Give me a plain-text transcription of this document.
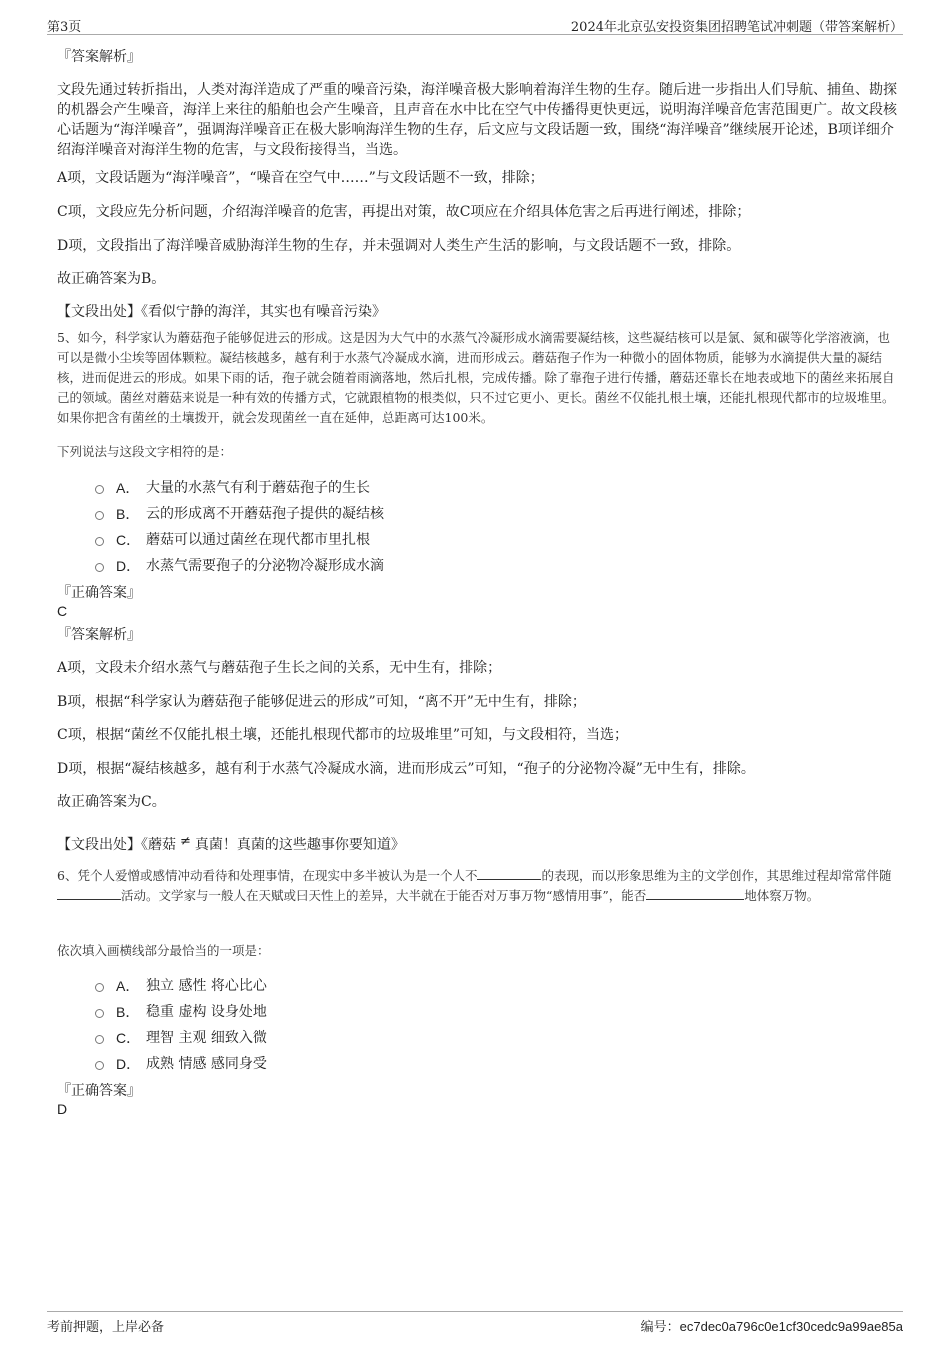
第3页	2024年北京弘安投资集团招聘笔试冲刺题（带答案解析）
『答案解析』
文段先通过转折指出，人类对海洋造成了严重的噪音污染，海洋噪音极大影响着海洋生物的生存。随后进一步指出人们导航、捕鱼、勘探的机器会产生噪音，海洋上来往的船舶也会产生噪音，且声音在水中比在空气中传播得更快更远，说明海洋噪音危害范围更广。故文段核心话题为“海洋噪音”，强调海洋噪音正在极大影响海洋生物的生存，后文应与文段话题一致，围绕“海洋噪音”继续展开论述，B项详细介绍海洋噪音对海洋生物的危害，与文段衔接得当，当选。
A项，文段话题为“海洋噪音”，“噪音在空气中……”与文段话题不一致，排除；
C项，文段应先分析问题，介绍海洋噪音的危害，再提出对策，故C项应在介绍具体危害之后再进行阐述，排除；
D项，文段指出了海洋噪音威胁海洋生物的生存，并未强调对人类生产生活的影响，与文段话题不一致，排除。
故正确答案为B。
【文段出处】《看似宁静的海洋，其实也有噪音污染》
5、如今，科学家认为蘑菇孢子能够促进云的形成。这是因为大气中的水蒸气冷凝形成水滴需要凝结核，这些凝结核可以是氯、氮和碳等化学溶液滴，也可以是微小尘埃等固体颗粒。凝结核越多，越有利于水蒸气冷凝成水滴，进而形成云。蘑菇孢子作为一种微小的固体物质，能够为水滴提供大量的凝结核，进而促进云的形成。如果下雨的话，孢子就会随着雨滴落地，然后扎根，完成传播。除了靠孢子进行传播，蘑菇还靠长在地表或地下的菌丝来拓展自己的领域。菌丝对蘑菇来说是一种有效的传播方式，它就跟植物的根类似，只不过它更小、更长。菌丝不仅能扎根土壤，还能扎根现代都市的垃圾堆里。如果你把含有菌丝的土壤拨开，就会发现菌丝一直在延伸，总距离可达100米。
下列说法与这段文字相符的是：
A． 大量的水蒸气有利于蘑菇孢子的生长
B． 云的形成离不开蘑菇孢子提供的凝结核
C． 蘑菇可以通过菌丝在现代都市里扎根
D． 水蒸气需要孢子的分泌物冷凝形成水滴
『正确答案』
C
『答案解析』
A项，文段未介绍水蒸气与蘑菇孢子生长之间的关系，无中生有，排除；
B项，根据“科学家认为蘑菇孢子能够促进云的形成”可知，“离不开”无中生有，排除；
C项，根据“菌丝不仅能扎根土壤，还能扎根现代都市的垃圾堆里”可知，与文段相符，当选；
D项，根据“凝结核越多，越有利于水蒸气冷凝成水滴，进而形成云”可知，“孢子的分泌物冷凝”无中生有，排除。
故正确答案为C。
【文段出处】《蘑菇 ≠ 真菌！真菌的这些趣事你要知道》
6、凭个人爱憎或感情冲动看待和处理事情，在现实中多半被认为是一个人不	的表现，而以形象思维为主的文学创作，其思维过程却常常伴随活动。文学家与一般人在天赋或曰天性上的差异，大半就在于能否对万事万物“感情用事”，能否	地体察万物。
依次填入画横线部分最恰当的一项是：
A． 独立 感性 将心比心
B． 稳重 虚构 设身处地
C． 理智 主观 细致入微
D． 成熟 情感 感同身受
『正确答案』
D
考前押题，上岸必备	编号：ec7dec0a796c0e1cf30cedc9a99ae85a
